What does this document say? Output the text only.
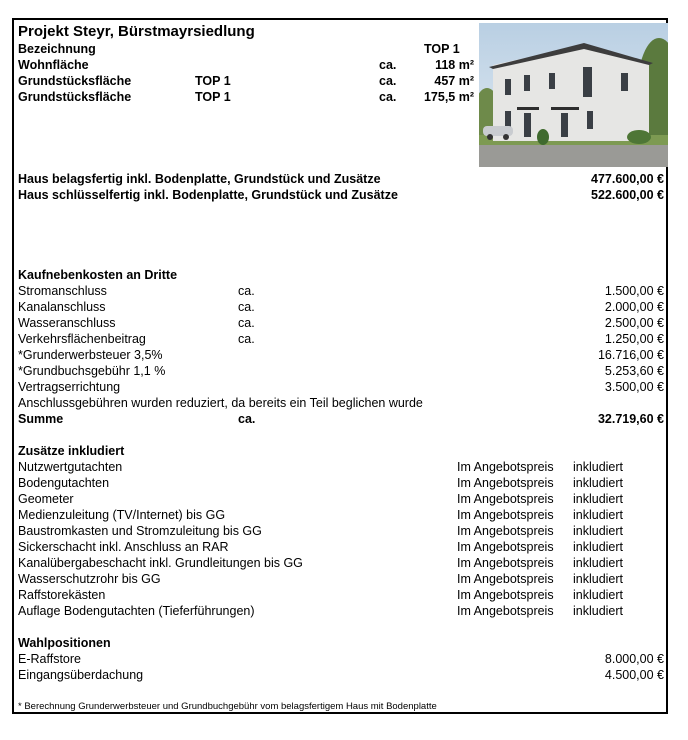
Projekt Steyr, Bürstmayrsiedlung
Bezeichnung	TOP 1
Wohnfläche	ca.	118 m²
Grundstücksfläche	TOP 1	ca.	457 m²
Grundstücksfläche	TOP 1	ca.	175,5 m²
Haus belagsfertig inkl. Bodenplatte, Grundstück und Zusätze	477.600,00 €
Haus schlüsselfertig inkl. Bodenplatte, Grundstück und Zusätze	522.600,00 €
Kaufnebenkosten an Dritte
Stromanschluss	ca.	1.500,00 €
Kanalanschluss	ca.	2.000,00 €
Wasseranschluss	ca.	2.500,00 €
Verkehrsflächenbeitrag	ca.	1.250,00 €
*Grunderwerbsteuer 3,5%	16.716,00 €
*Grundbuchsgebühr 1,1 %	5.253,60 €
Vertragserrichtung	3.500,00 €
Anschlussgebühren wurden reduziert, da bereits ein Teil beglichen wurde
Summe	ca.	32.719,60 €
Zusätze inkludiert
Nutzwertgutachten	Im Angebotspreis inkludiert
Bodengutachten	Im Angebotspreis inkludiert
Geometer	Im Angebotspreis inkludiert
Medienzuleitung (TV/Internet) bis GG	Im Angebotspreis inkludiert
Baustromkasten und Stromzuleitung bis GG	Im Angebotspreis inkludiert
Sickerschacht inkl. Anschluss an RAR	Im Angebotspreis inkludiert
Kanalübergabeschacht inkl. Grundleitungen bis GG	Im Angebotspreis inkludiert
Wasserschutzrohr bis GG	Im Angebotspreis inkludiert
Raffstorekästen	Im Angebotspreis inkludiert
Auflage Bodengutachten (Tieferführungen)	Im Angebotspreis inkludiert
Wahlpositionen
E-Raffstore	8.000,00 €
Eingangsüberdachung	4.500,00 €
* Berechnung Grunderwerbsteuer und Grundbuchgebühr vom belagsfertigem Haus mit Bodenplatte
